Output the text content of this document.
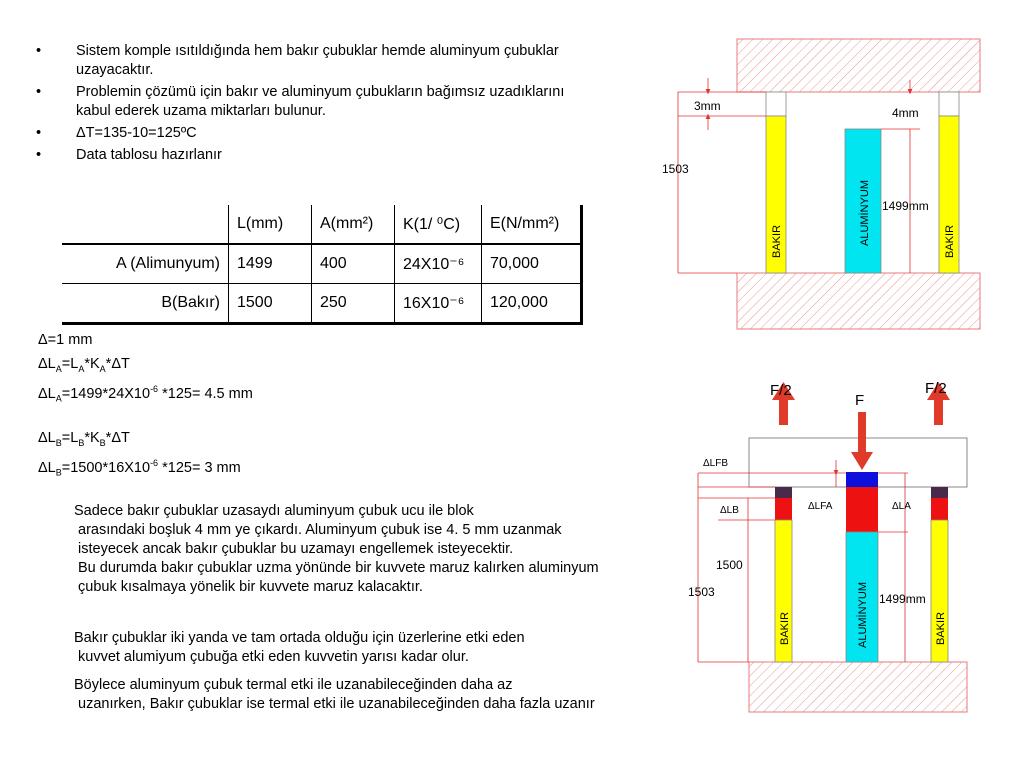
• Sistem komple ısıtıldığında hem bakır çubuklar hemde aluminyum çubuklar uzayacaktır.
• Problemin çözümü için bakır ve aluminyum çubukların bağımsız uzadıklarını kabul ederek uzama miktarları bulunur.
• ΔT=135-10=125ºC
• Data tablosu hazırlanır
	L(mm)	A(mm²)	K(1/ ⁰C)	E(N/mm²)
A (Alimunyum)	1499	400	24X10⁻⁶	70,000
B(Bakır)	1500	250	16X10⁻⁶	120,000
Δ=1 mm
$\Delta L_A=L_A*K_A*\Delta T$
$\Delta L_A=1499*24X10^{-6}$ *125= 4.5 mm
$\Delta L_B=L_B*K_B*\Delta T$
$\Delta L_B=1500*16X10^{-6}$ *125= 3 mm
Sadece bakır çubuklar uzasaydı aluminyum çubuk ucu ile blok
arasındaki boşluk 4 mm ye çıkardı. Aluminyum çubuk ise 4. 5 mm uzanmak isteyecek ancak bakır çubuklar bu uzamayı engellemek isteyecektir.
Bu durumda bakır çubuklar uzma yönünde bir kuvvete maruz kalırken aluminyum çubuk kısalmaya yönelik bir kuvvete maruz kalacaktır.
Bakır çubuklar iki yanda ve tam ortada olduğu için üzerlerine etki eden
kuvvet alumiyum çubuğa etki eden kuvvetin yarısı kadar olur.
Böylece aluminyum çubuk termal etki ile uzanabileceğinden daha az
uzanırken, Bakır çubuklar ise termal etki ile uzanabileceğinden daha fazla uzanır
BAKIR	ALUMİNYUM	BAKIR
3mm	4mm
1503
1499mm
BAKIR	ALUMİNYUM	BAKIR
F/2
F
F/2
ΔLFB
ΔLB	ΔLFA	ΔLA
1500
1503	1499mm
